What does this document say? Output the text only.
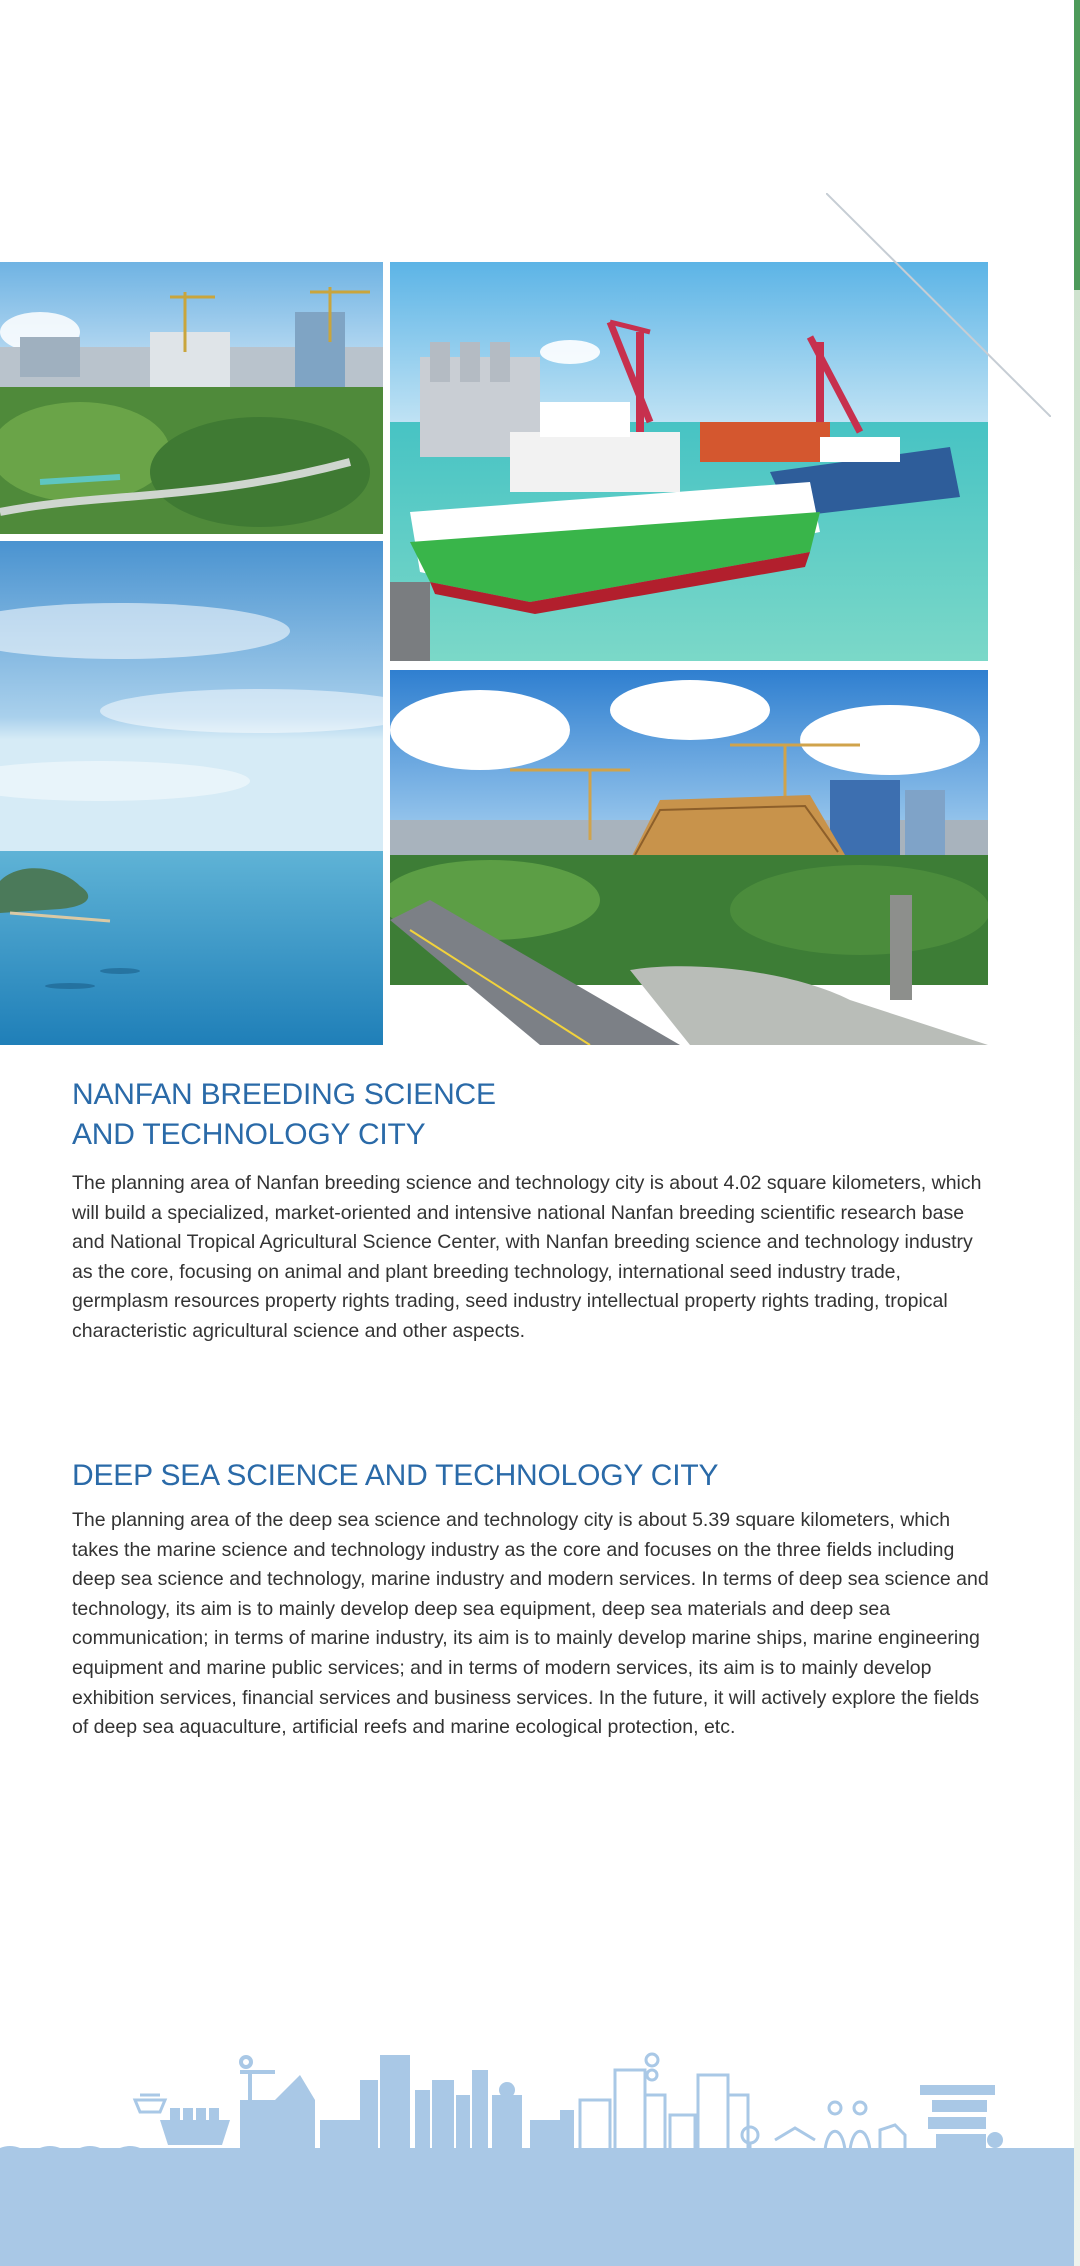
NANFAN BREEDING SCIENCE
AND TECHNOLOGY CITY

The planning area of Nanfan breeding science and technology city is about 4.02 square kilometers, which will build a specialized, market-oriented and intensive national Nanfan breeding scientific research base and National Tropical Agricultural Science Center, with Nanfan breeding science and technology industry as the core, focusing on animal and plant breeding technology, international seed industry trade, germplasm resources property rights trading, seed industry intellectual property rights trading, tropical characteristic agricultural science and other aspects.

DEEP SEA SCIENCE AND TECHNOLOGY CITY

The planning area of the deep sea science and technology city is about 5.39 square kilometers, which takes the marine science and technology industry as the core and focuses on the three fields including deep sea science and technology, marine industry and modern services. In terms of deep sea science and technology, its aim is to mainly develop deep sea equipment, deep sea materials and deep sea communication; in terms of marine industry, its aim is to mainly develop marine ships, marine engineering equipment and marine public services; and in terms of modern services, its aim is to mainly develop exhibition services, financial services and business services. In the future, it will actively explore the fields of deep sea aquaculture, artificial reefs and marine ecological protection, etc.
